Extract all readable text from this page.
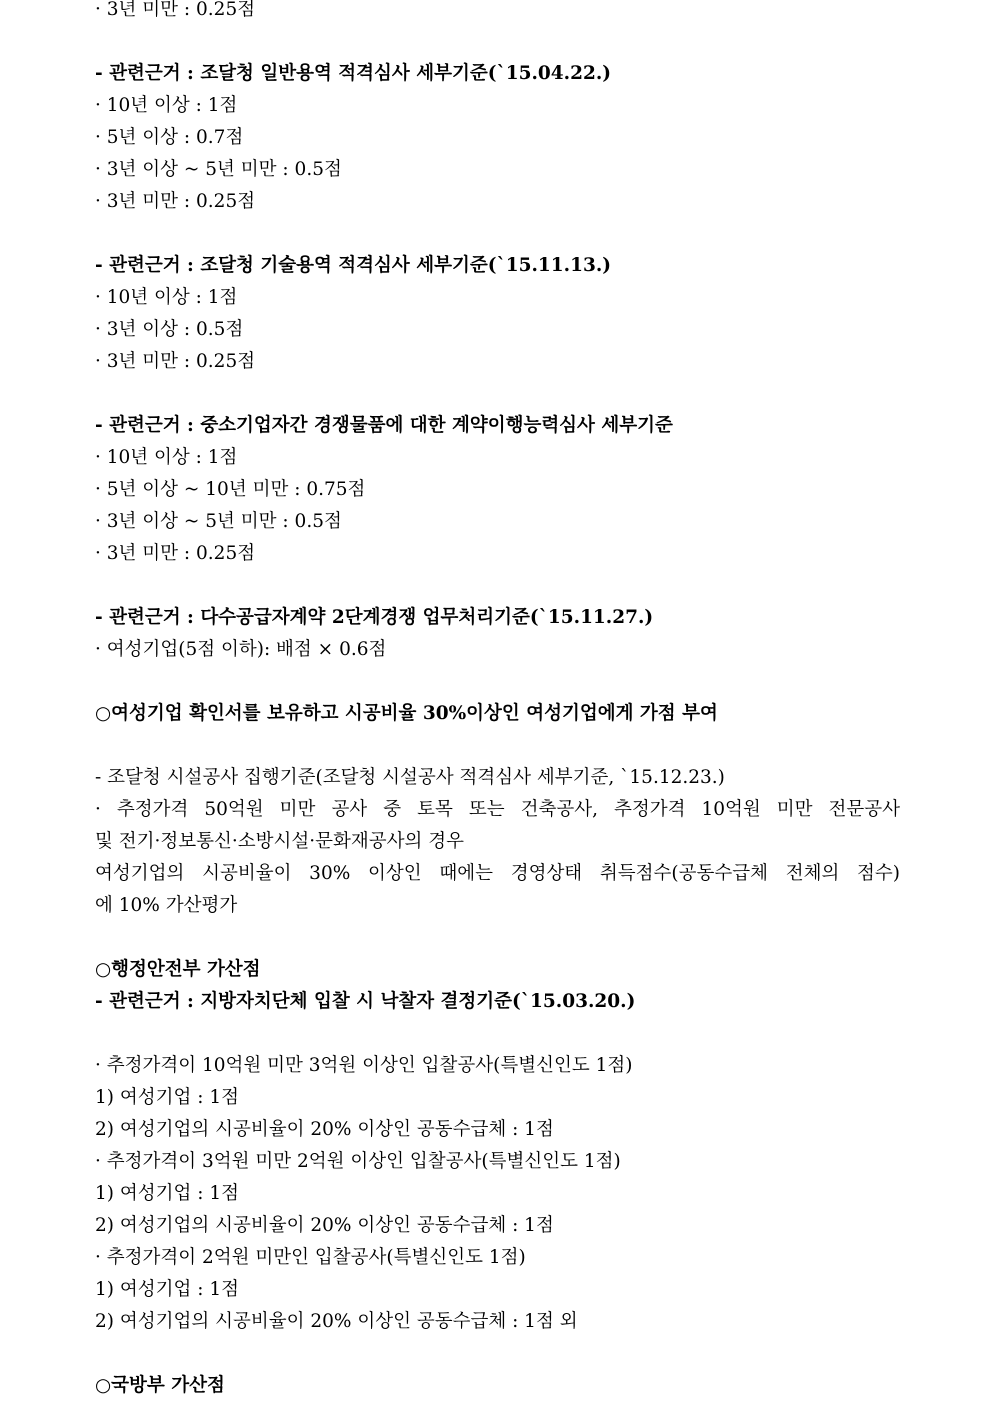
· 3년 미만 : 0.25점
- 관련근거 : 조달청 일반용역 적격심사 세부기준(`15.04.22.)
· 10년 이상 : 1점
· 5년 이상 : 0.7점
· 3년 이상 ~ 5년 미만 : 0.5점
· 3년 미만 : 0.25점
- 관련근거 : 조달청 기술용역 적격심사 세부기준(`15.11.13.)
· 10년 이상 : 1점
· 3년 이상 : 0.5점
· 3년 미만 : 0.25점
- 관련근거 : 중소기업자간 경쟁물품에 대한 계약이행능력심사 세부기준
· 10년 이상 : 1점
· 5년 이상 ~ 10년 미만 : 0.75점
· 3년 이상 ~ 5년 미만 : 0.5점
· 3년 미만 : 0.25점
- 관련근거 : 다수공급자계약 2단계경쟁 업무처리기준(`15.11.27.)
· 여성기업(5점 이하): 배점 × 0.6점
○여성기업 확인서를 보유하고 시공비율 30%이상인 여성기업에게 가점 부여
- 조달청 시설공사 집행기준(조달청 시설공사 적격심사 세부기준, `15.12.23.)
· 추정가격 50억원 미만 공사 중 토목 또는 건축공사, 추정가격 10억원 미만 전문공사
및 전기·정보통신·소방시설·문화재공사의 경우
여성기업의 시공비율이 30% 이상인 때에는 경영상태 취득점수(공동수급체 전체의 점수)
에 10% 가산평가
○행정안전부 가산점
- 관련근거 : 지방자치단체 입찰 시 낙찰자 결정기준(`15.03.20.)
· 추정가격이 10억원 미만 3억원 이상인 입찰공사(특별신인도 1점)
1) 여성기업 : 1점
2) 여성기업의 시공비율이 20% 이상인 공동수급체 : 1점
· 추정가격이 3억원 미만 2억원 이상인 입찰공사(특별신인도 1점)
1) 여성기업 : 1점
2) 여성기업의 시공비율이 20% 이상인 공동수급체 : 1점
· 추정가격이 2억원 미만인 입찰공사(특별신인도 1점)
1) 여성기업 : 1점
2) 여성기업의 시공비율이 20% 이상인 공동수급체 : 1점 외
○국방부 가산점
